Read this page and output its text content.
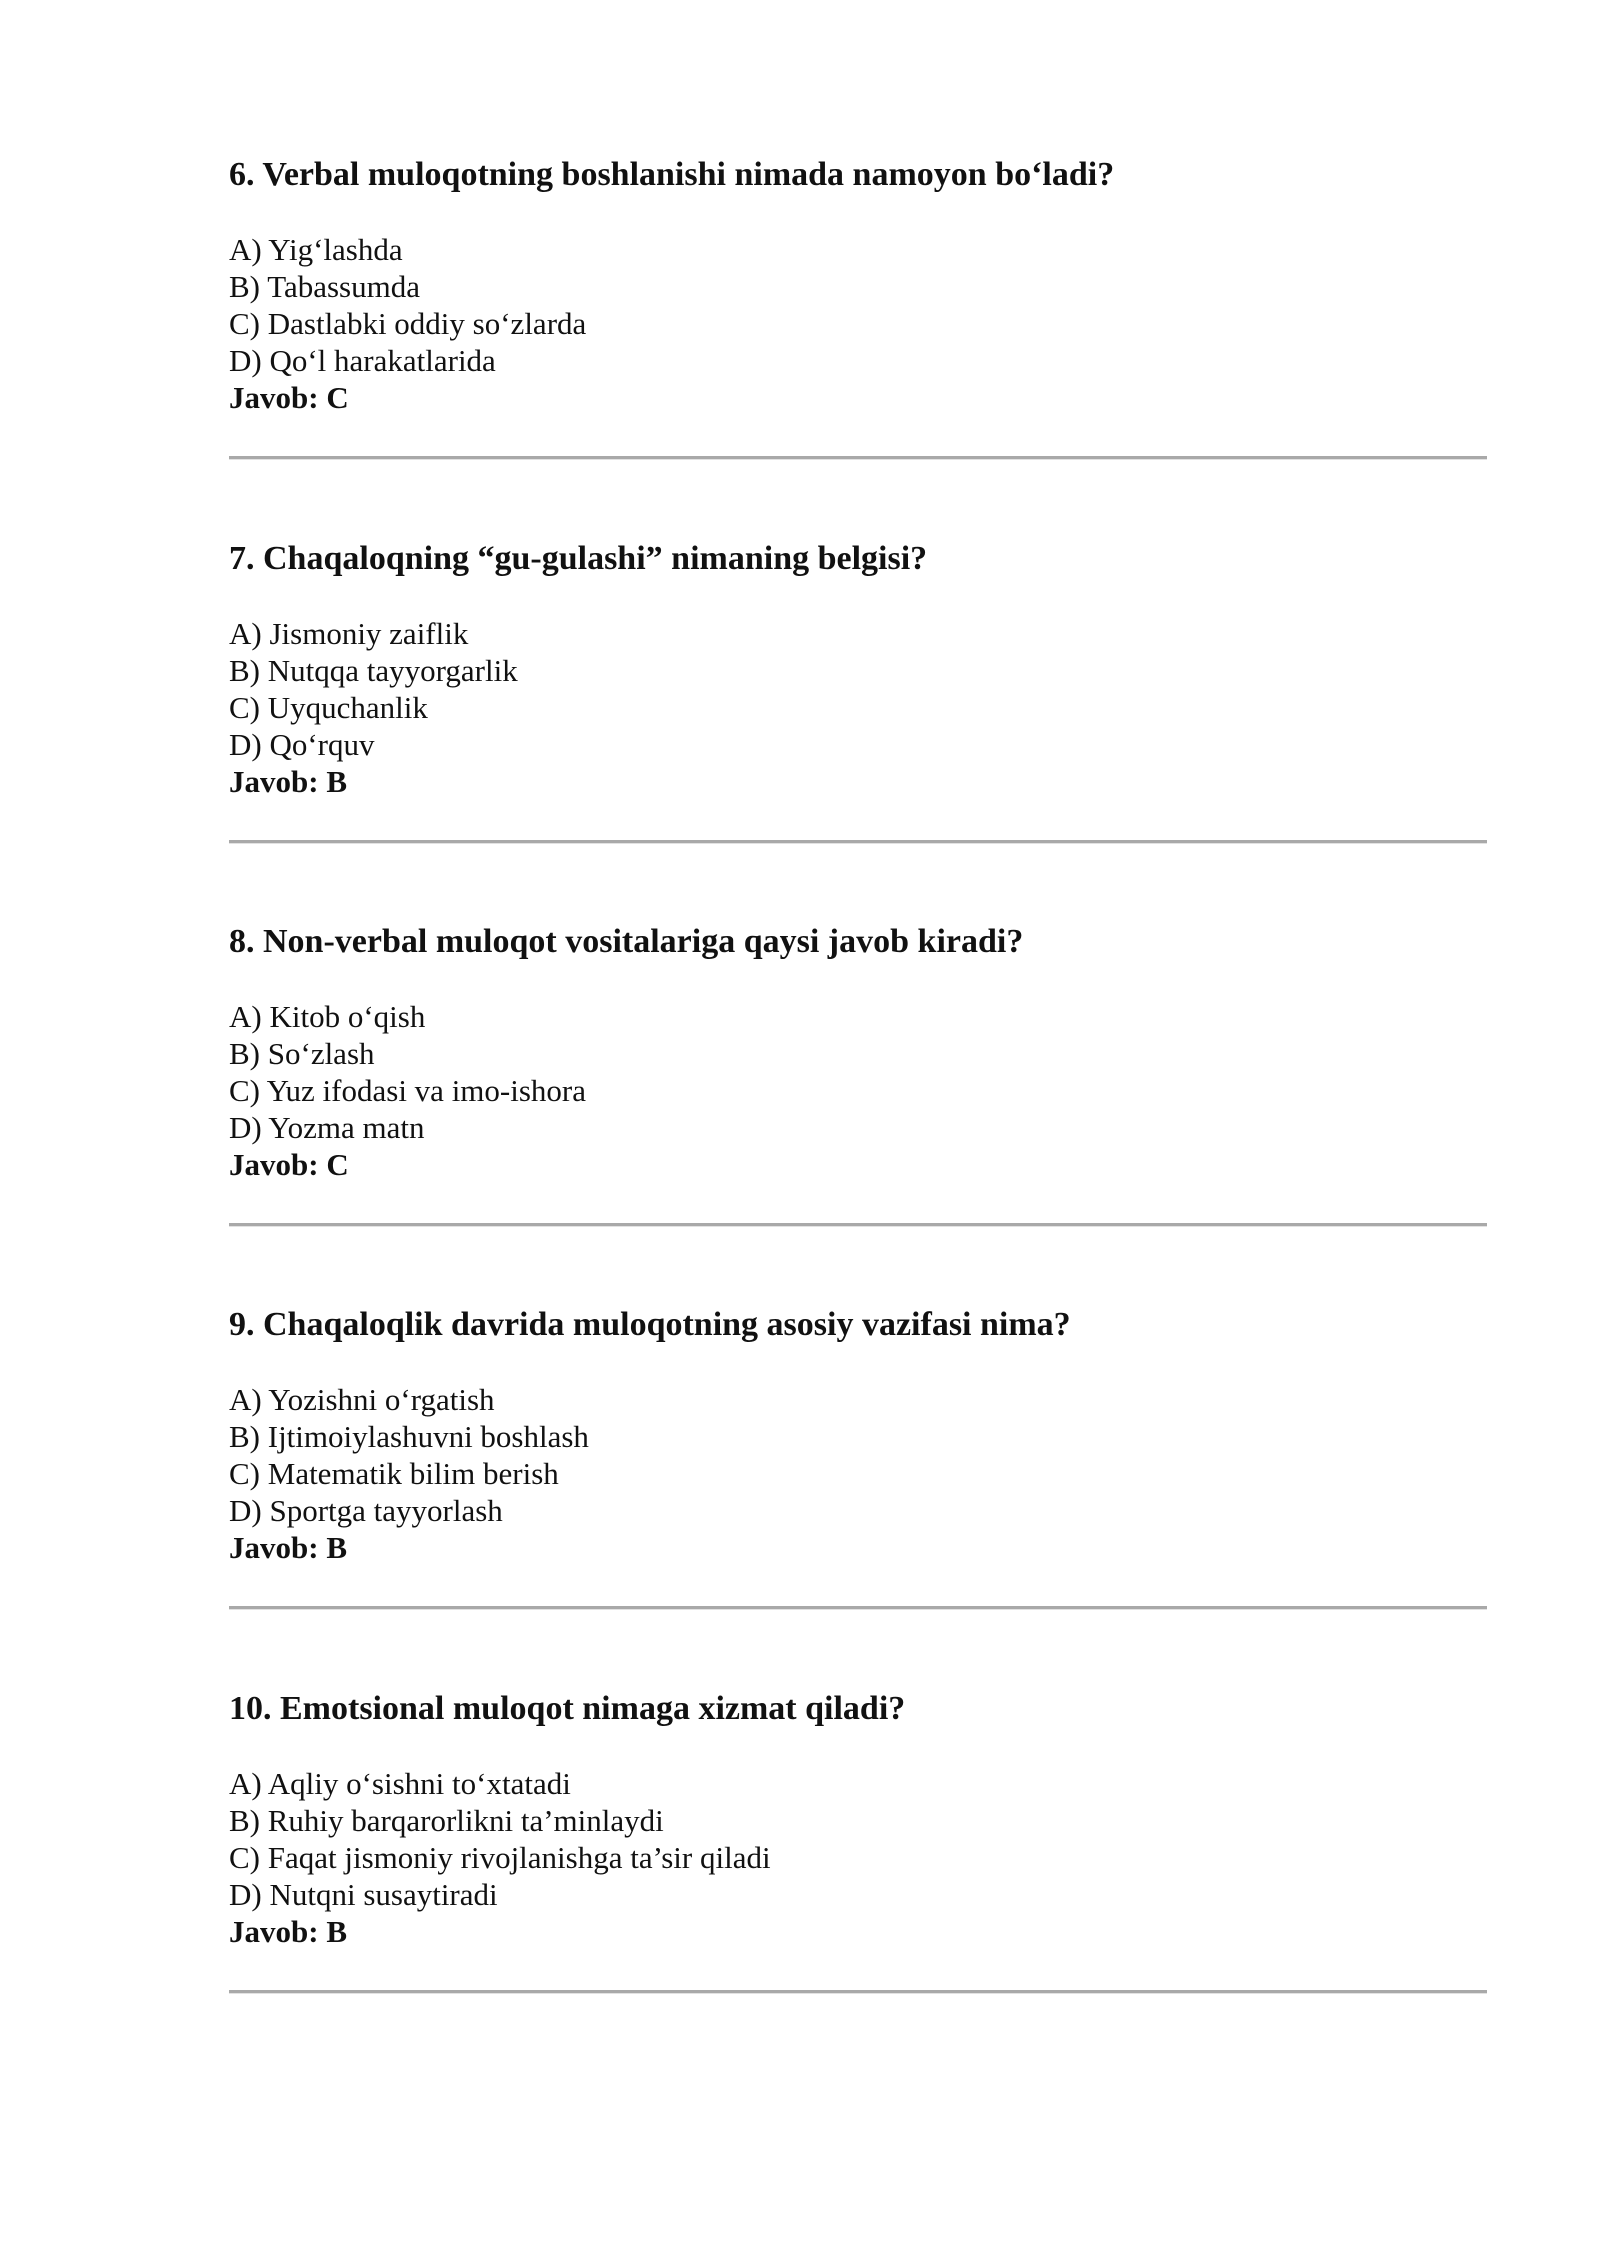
6. Verbal muloqotning boshlanishi nimada namoyon bo‘ladi?
A) Yig‘lashda
B) Tabassumda
C) Dastlabki oddiy so‘zlarda
D) Qo‘l harakatlarida
Javob: C
7. Chaqaloqning “gu-gulashi” nimaning belgisi?
A) Jismoniy zaiflik
B) Nutqqa tayyorgarlik
C) Uyquchanlik
D) Qo‘rquv
Javob: B
8. Non-verbal muloqot vositalariga qaysi javob kiradi?
A) Kitob o‘qish
B) So‘zlash
C) Yuz ifodasi va imo-ishora
D) Yozma matn
Javob: C
9. Chaqaloqlik davrida muloqotning asosiy vazifasi nima?
A) Yozishni o‘rgatish
B) Ijtimoiylashuvni boshlash
C) Matematik bilim berish
D) Sportga tayyorlash
Javob: B
10. Emotsional muloqot nimaga xizmat qiladi?
A) Aqliy o‘sishni to‘xtatadi
B) Ruhiy barqarorlikni ta’minlaydi
C) Faqat jismoniy rivojlanishga ta’sir qiladi
D) Nutqni susaytiradi
Javob: B
